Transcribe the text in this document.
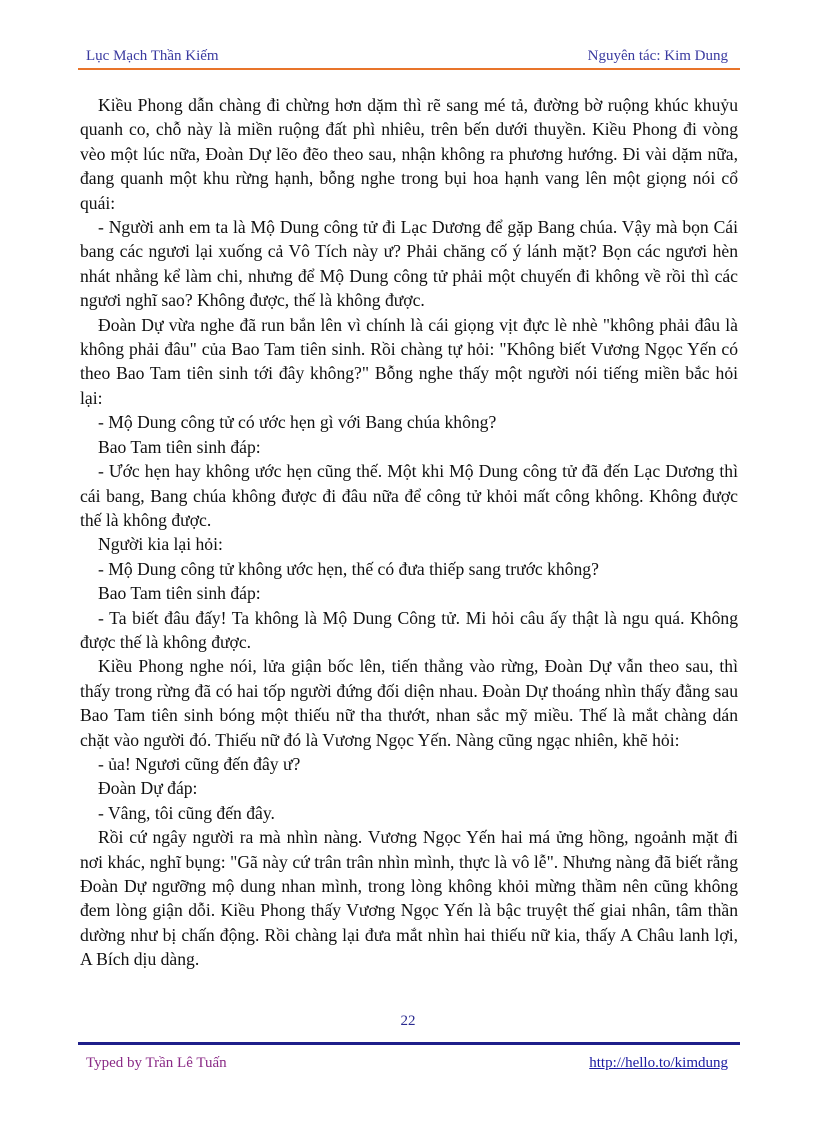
Lục Mạch Thần Kiếm	Nguyên tác: Kim Dung

Kiều Phong dẫn chàng đi chừng hơn dặm thì rẽ sang mé tả, đường bờ ruộng khúc khuỷu quanh co, chỗ này là miền ruộng đất phì nhiêu, trên bến dưới thuyền. Kiều Phong đi vòng vèo một lúc nữa, Đoàn Dự lẽo đẽo theo sau, nhận không ra phương hướng. Đi vài dặm nữa, đang quanh một khu rừng hạnh, bỗng nghe trong bụi hoa hạnh vang lên một giọng nói cổ quái:

- Người anh em ta là Mộ Dung công tử đi Lạc Dương để gặp Bang chúa. Vậy mà bọn Cái bang các ngươi lại xuống cả Vô Tích này ư? Phải chăng cố ý lánh mặt? Bọn các ngươi hèn nhát nhẳng kể làm chi, nhưng để Mộ Dung công tử phải một chuyến đi không về rồi thì các ngươi nghĩ sao? Không được, thế là không được.

Đoàn Dự vừa nghe đã run bắn lên vì chính là cái giọng vịt đực lè nhè "không phải đâu là không phải đâu" của Bao Tam tiên sinh. Rồi chàng tự hỏi: "Không biết Vương Ngọc Yến có theo Bao Tam tiên sinh tới đây không?" Bỗng nghe thấy một người nói tiếng miền bắc hỏi lại:

- Mộ Dung công tử có ước hẹn gì với Bang chúa không?

Bao Tam tiên sinh đáp:

- Ước hẹn hay không ước hẹn cũng thế. Một khi Mộ Dung công tử đã đến Lạc Dương thì cái bang, Bang chúa không được đi đâu nữa để công tử khỏi mất công không. Không được thế là không được.

Người kia lại hỏi:

- Mộ Dung công tử không ước hẹn, thế có đưa thiếp sang trước không?

Bao Tam tiên sinh đáp:

- Ta biết đâu đấy! Ta không là Mộ Dung Công tử. Mi hỏi câu ấy thật là ngu quá. Không được thế là không được.

Kiều Phong nghe nói, lửa giận bốc lên, tiến thẳng vào rừng, Đoàn Dự vẫn theo sau, thì thấy trong rừng đã có hai tốp người đứng đối diện nhau. Đoàn Dự thoáng nhìn thấy đằng sau Bao Tam tiên sinh bóng một thiếu nữ tha thướt, nhan sắc mỹ miều. Thế là mắt chàng dán chặt vào người đó. Thiếu nữ đó là Vương Ngọc Yến. Nàng cũng ngạc nhiên, khẽ hỏi:

- ủa! Ngươi cũng đến đây ư?

Đoàn Dự đáp:

- Vâng, tôi cũng đến đây.

Rồi cứ ngây người ra mà nhìn nàng. Vương Ngọc Yến hai má ửng hồng, ngoảnh mặt đi nơi khác, nghĩ bụng: "Gã này cứ trân trân nhìn mình, thực là vô lễ". Nhưng nàng đã biết rằng Đoàn Dự ngưỡng mộ dung nhan mình, trong lòng không khỏi mừng thầm nên cũng không đem lòng giận dỗi. Kiều Phong thấy Vương Ngọc Yến là bậc truyệt thế giai nhân, tâm thần dường như bị chấn động. Rồi chàng lại đưa mắt nhìn hai thiếu nữ kia, thấy A Châu lanh lợi, A Bích dịu dàng.

22
Typed by Trần Lê Tuấn	http://hello.to/kimdung
